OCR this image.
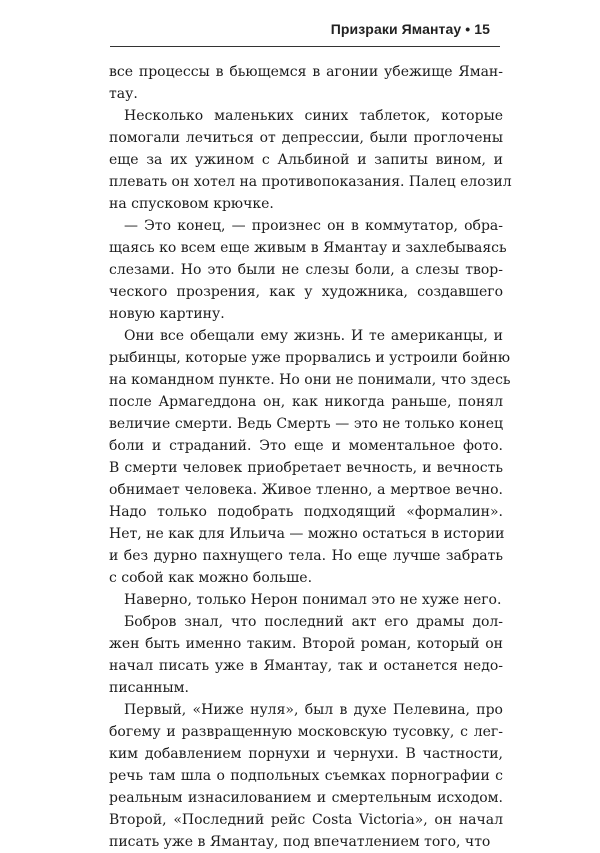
Призраки Ямантау • 15
все процессы в бьющемся в агонии убежище Яман-
тау.
Несколько маленьких синих таблеток, которые
помогали лечиться от депрессии, были проглочены
еще за их ужином с Альбиной и запиты вином, и
плевать он хотел на противопоказания. Палец елозил
на спусковом крючке.
— Это конец, — произнес он в коммутатор, обра-
щаясь ко всем еще живым в Ямантау и захлебываясь
слезами. Но это были не слезы боли, а слезы твор-
ческого прозрения, как у художника, создавшего
новую картину.
Они все обещали ему жизнь. И те американцы, и
рыбинцы, которые уже прорвались и устроили бойню
на командном пункте. Но они не понимали, что здесь
после Армагеддона он, как никогда раньше, понял
величие смерти. Ведь Смерть — это не только конец
боли и страданий. Это еще и моментальное фото.
В смерти человек приобретает вечность, и вечность
обнимает человека. Живое тленно, а мертвое вечно.
Надо только подобрать подходящий «формалин».
Нет, не как для Ильича — можно остаться в истории
и без дурно пахнущего тела. Но еще лучше забрать
с собой как можно больше.
Наверно, только Нерон понимал это не хуже него.
Бобров знал, что последний акт его драмы дол-
жен быть именно таким. Второй роман, который он
начал писать уже в Ямантау, так и останется недо-
писанным.
Первый, «Ниже нуля», был в духе Пелевина, про
богему и развращенную московскую тусовку, с лег-
ким добавлением порнухи и чернухи. В частности,
речь там шла о подпольных съемках порнографии с
реальным изнасилованием и смертельным исходом.
Второй, «Последний рейс Costa Victoria», он начал
писать уже в Ямантау, под впечатлением того, что
